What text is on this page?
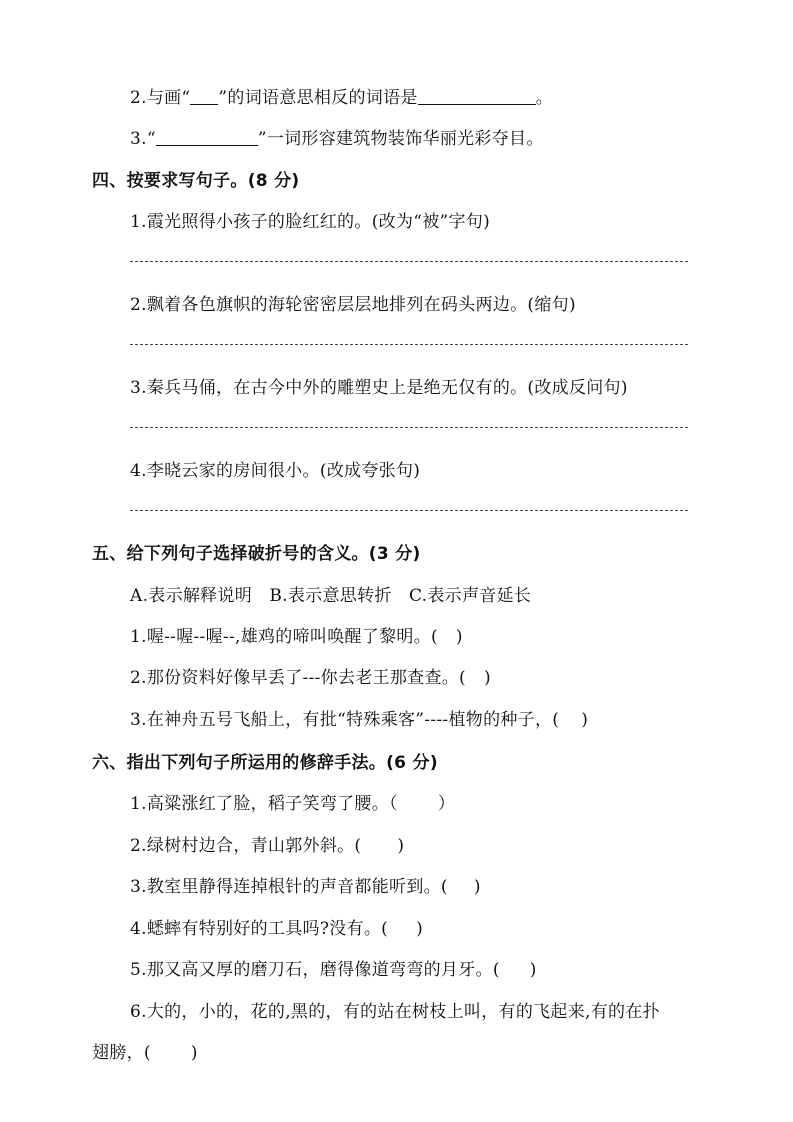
2.与画“ ”的词语意思相反的词语是	。
3.“	”一词形容建筑物装饰华丽光彩夺目。
四、按要求写句子。(8 分)
1.霞光照得小孩子的脸红红的。(改为“被”字句)
2.飘着各色旗帜的海轮密密层层地排列在码头两边。(缩句)
3.秦兵马俑，在古今中外的雕塑史上是绝无仅有的。(改成反问句)
4.李晓云家的房间很小。(改成夸张句)
五、给下列句子选择破折号的含义。(3 分)
A.表示解释说明　B.表示意思转折　C.表示声音延长
1.喔--喔--喔--,雄鸡的啼叫唤醒了黎明。( )
2.那份资料好像早丢了---你去老王那查查。( )
3.在神舟五号飞船上，有批“特殊乘客”----植物的种子，( )
六、指出下列句子所运用的修辞手法。(6 分)
1.高粱涨红了脸，稻子笑弯了腰。（ ）
2.绿树村边合，青山郭外斜。( )
3.教室里静得连掉根针的声音都能听到。( )
4.蟋蟀有特别好的工具吗?没有。( )
5.那又高又厚的磨刀石，磨得像道弯弯的月牙。( )
6.大的，小的，花的,黑的，有的站在树枝上叫，有的飞起来,有的在扑
翅膀，( )
